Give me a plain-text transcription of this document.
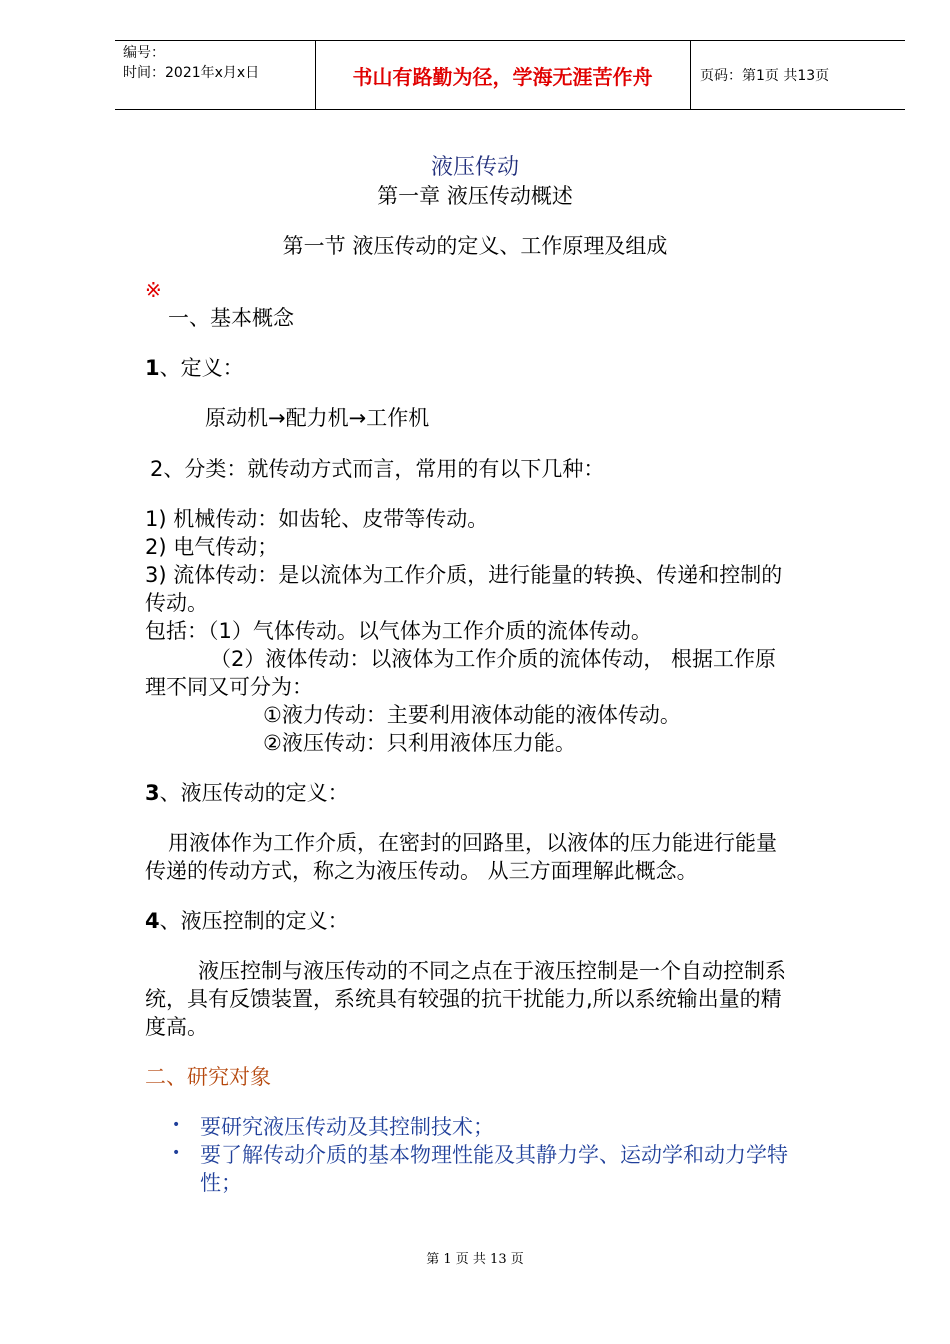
编号：
时间：2021年x月x日	书山有路勤为径，学海无涯苦作舟	页码：第1页 共13页
液压传动
第一章 液压传动概述
第一节 液压传动的定义、工作原理及组成
※
一、基本概念
1、定义：
原动机→配力机→工作机
2、分类：就传动方式而言，常用的有以下几种：
1) 机械传动：如齿轮、皮带等传动。
2) 电气传动；
3) 流体传动：是以流体为工作介质，进行能量的转换、传递和控制的
传动。
包括：（1）气体传动。以气体为工作介质的流体传动。
（2）液体传动：以液体为工作介质的流体传动， 根据工作原
理不同又可分为：
①液力传动：主要利用液体动能的液体传动。
②液压传动：只利用液体压力能。
3、液压传动的定义：
用液体作为工作介质，在密封的回路里，以液体的压力能进行能量
传递的传动方式，称之为液压传动。 从三方面理解此概念。
4、液压控制的定义：
液压控制与液压传动的不同之点在于液压控制是一个自动控制系
统，具有反馈装置，系统具有较强的抗干扰能力,所以系统输出量的精
度高。
二、研究对象
• 要研究液压传动及其控制技术；
• 要了解传动介质的基本物理性能及其静力学、运动学和动力学特
性；
第 1 页 共 13 页
